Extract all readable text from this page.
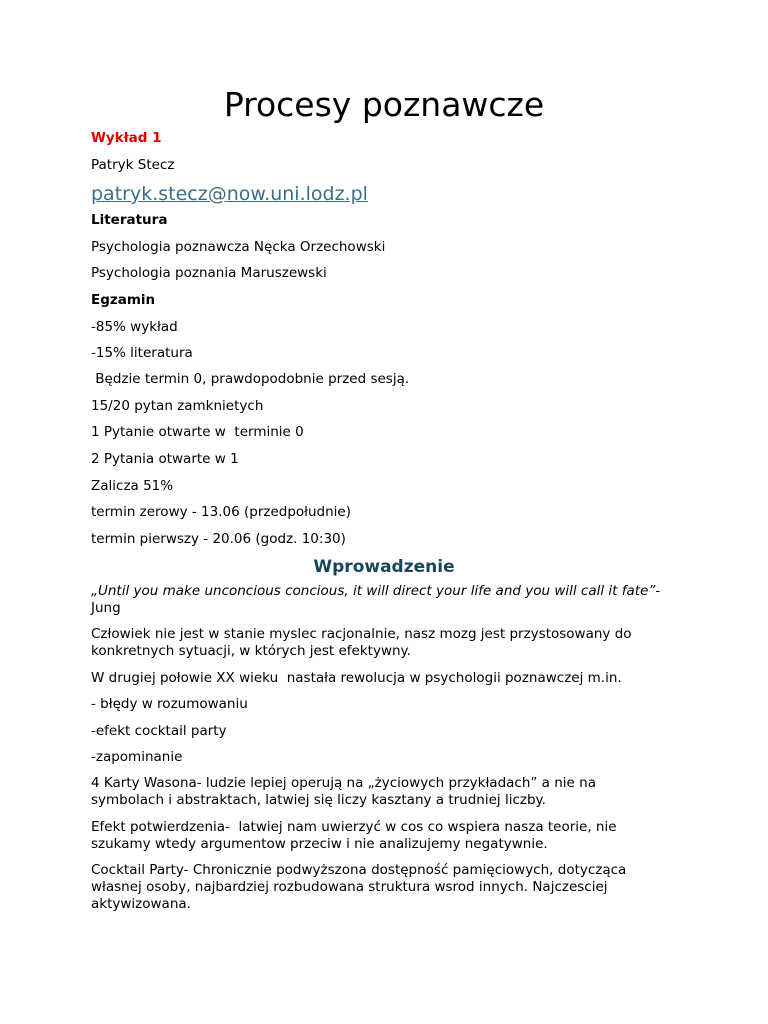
Procesy poznawcze

Wykład 1

Patryk Stecz

patryk.stecz@now.uni.lodz.pl

Literatura

Psychologia poznawcza Nęcka Orzechowski

Psychologia poznania Maruszewski

Egzamin

-85% wykład

-15% literatura

Będzie termin 0, prawdopodobnie przed sesją.

15/20 pytan zamknietych

1 Pytanie otwarte w  terminie 0

2 Pytania otwarte w 1

Zalicza 51%

termin zerowy - 13.06 (przedpołudnie)

termin pierwszy - 20.06 (godz. 10:30)

Wprowadzenie

„Until you make unconcious concious, it will direct your life and you will call it fate”- Jung

Człowiek nie jest w stanie myslec racjonalnie, nasz mozg jest przystosowany do konkretnych sytuacji, w których jest efektywny.

W drugiej połowie XX wieku  nastała rewolucja w psychologii poznawczej m.in.

- błędy w rozumowaniu

-efekt cocktail party

-zapominanie

4 Karty Wasona- ludzie lepiej operują na „życiowych przykładach” a nie na symbolach i abstraktach, latwiej się liczy kasztany a trudniej liczby.

Efekt potwierdzenia-  latwiej nam uwierzyć w cos co wspiera nasza teorie, nie szukamy wtedy argumentow przeciw i nie analizujemy negatywnie.

Cocktail Party- Chronicznie podwyższona dostępność pamięciowych, dotycząca własnej osoby, najbardziej rozbudowana struktura wsrod innych. Najczesciej aktywizowana.
